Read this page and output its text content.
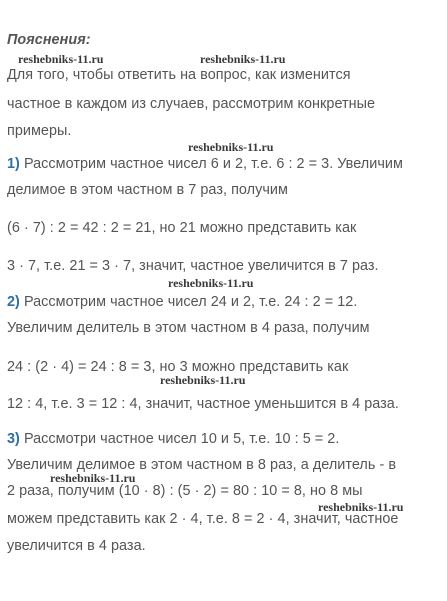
Пояснения:
Для того, чтобы ответить на вопрос, как изменится
частное в каждом из случаев, рассмотрим конкретные
примеры.
1) Рассмотрим частное чисел 6 и 2, т.е. 6 : 2 = 3. Увеличим
делимое в этом частном в 7 раз, получим
(6 · 7) : 2 = 42 : 2 = 21, но 21 можно представить как
3 · 7, т.е. 21 = 3 · 7, значит, частное увеличится в 7 раз.
2) Рассмотрим частное чисел 24 и 2, т.е. 24 : 2 = 12.
Увеличим делитель в этом частном в 4 раза, получим
24 : (2 · 4) = 24 : 8 = 3, но 3 можно представить как
12 : 4, т.е. 3 = 12 : 4, значит, частное уменьшится в 4 раза.
3) Рассмотри частное чисел 10 и 5, т.е. 10 : 5 = 2.
Увеличим делимое в этом частном в 8 раз, а делитель - в
2 раза, получим (10 · 8) : (5 · 2) = 80 : 10 = 8, но 8 мы
можем представить как 2 · 4, т.е. 8 = 2 · 4, значит, частное
увеличится в 4 раза.
reshebniks-11.ru	reshebniks-11.ru
reshebniks-11.ru
reshebniks-11.ru
reshebniks-11.ru
reshebniks-11.ru
reshebniks-11.ru
